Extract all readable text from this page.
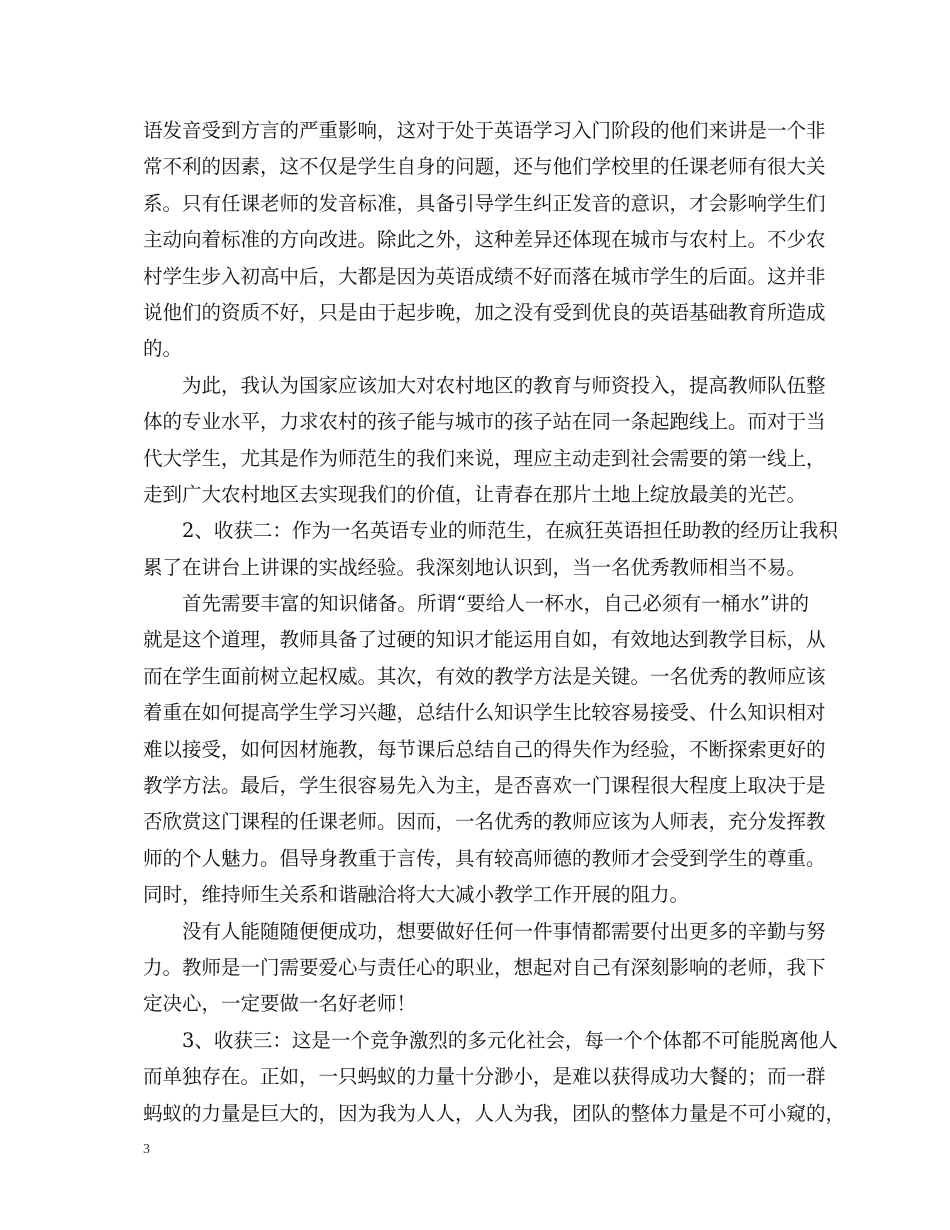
语发音受到方言的严重影响，这对于处于英语学习入门阶段的他们来讲是一个非
常不利的因素，这不仅是学生自身的问题，还与他们学校里的任课老师有很大关
系。只有任课老师的发音标准，具备引导学生纠正发音的意识，才会影响学生们
主动向着标准的方向改进。除此之外，这种差异还体现在城市与农村上。不少农
村学生步入初高中后，大都是因为英语成绩不好而落在城市学生的后面。这并非
说他们的资质不好，只是由于起步晚，加之没有受到优良的英语基础教育所造成
的。
为此，我认为国家应该加大对农村地区的教育与师资投入，提高教师队伍整
体的专业水平，力求农村的孩子能与城市的孩子站在同一条起跑线上。而对于当
代大学生，尤其是作为师范生的我们来说，理应主动走到社会需要的第一线上，
走到广大农村地区去实现我们的价值，让青春在那片土地上绽放最美的光芒。
2、收获二：作为一名英语专业的师范生，在疯狂英语担任助教的经历让我积
累了在讲台上讲课的实战经验。我深刻地认识到，当一名优秀教师相当不易。
首先需要丰富的知识储备。所谓“要给人一杯水，自己必须有一桶水”讲的
就是这个道理，教师具备了过硬的知识才能运用自如，有效地达到教学目标，从
而在学生面前树立起权威。其次，有效的教学方法是关键。一名优秀的教师应该
着重在如何提高学生学习兴趣，总结什么知识学生比较容易接受、什么知识相对
难以接受，如何因材施教，每节课后总结自己的得失作为经验，不断探索更好的
教学方法。最后，学生很容易先入为主，是否喜欢一门课程很大程度上取决于是
否欣赏这门课程的任课老师。因而，一名优秀的教师应该为人师表，充分发挥教
师的个人魅力。倡导身教重于言传，具有较高师德的教师才会受到学生的尊重。
同时，维持师生关系和谐融洽将大大减小教学工作开展的阻力。
没有人能随随便便成功，想要做好任何一件事情都需要付出更多的辛勤与努
力。教师是一门需要爱心与责任心的职业，想起对自己有深刻影响的老师，我下
定决心，一定要做一名好老师！
3、收获三：这是一个竞争激烈的多元化社会，每一个个体都不可能脱离他人
而单独存在。正如，一只蚂蚁的力量十分渺小，是难以获得成功大餐的；而一群
蚂蚁的力量是巨大的，因为我为人人，人人为我，团队的整体力量是不可小窥的，
3
